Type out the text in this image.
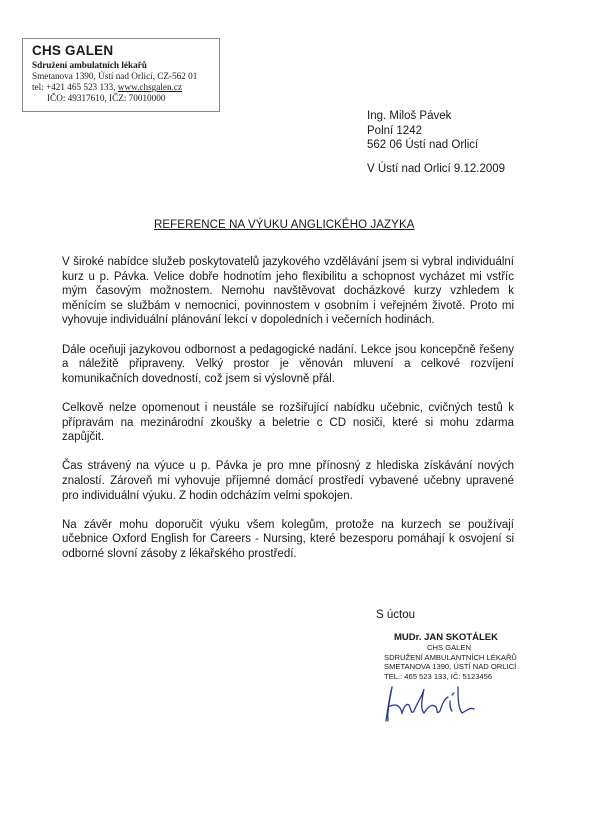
CHS GALEN
Sdružení ambulatních lékařů
Smetanova 1390, Ústí nad Orlicí, CZ-562 01
tel: +421 465 523 133, www.chsgalen.cz
IČO: 49317610, IČZ: 70010000
Ing. Miloš Pávek
Polní 1242
562 06 Ústí nad Orlicí
V Ústí nad Orlicí 9.12.2009
REFERENCE NA VÝUKU ANGLICKÉHO JAZYKA

V široké nabídce služeb poskytovatelů jazykového vzdělávání jsem si vybral individuální kurz u p. Pávka. Velice dobře hodnotím jeho flexibilitu a schopnost vycházet mi vstříc mým časovým možnostem. Nemohu navštěvovat docházkové kurzy vzhledem k měnícím se službám v nemocnici, povinnostem v osobním i veřejném životě. Proto mi vyhovuje individuální plánování lekcí v dopoledních i večerních hodinách.

Dále oceňuji jazykovou odbornost a pedagogické nadání. Lekce jsou koncepčně řešeny a náležitě připraveny. Velký prostor je věnován mluvení a celkové rozvíjení komunikačních dovedností, což jsem si výslovně přál.

Celkově nelze opomenout i neustále se rozšiřující nabídku učebnic, cvičných testů k přípravám na mezinárodní zkoušky a beletrie c CD nosiči, které si mohu zdarma zapůjčit.

Čas strávený na výuce u p. Pávka je pro mne přínosný z hlediska získávání nových znalostí. Zároveň mi vyhovuje příjemné domácí prostředí vybavené učebny upravené pro individuální výuku. Z hodin odcházím velmi spokojen.

Na závěr mohu doporučit výuku všem kolegům, protože na kurzech se používají učebnice Oxford English for Careers - Nursing, které bezesporu pomáhají k osvojení si odborné slovní zásoby z lékařského prostředí.

S úctou
MUDr. JAN SKOTÁLEK
CHS GALEN
SDRUŽENÍ AMBULANTNÍCH LÉKAŘŮ
SMETANOVA 1390, ÚSTÍ NAD ORLICÍ
TEL.: 465 523 133, IČ: 5123456
